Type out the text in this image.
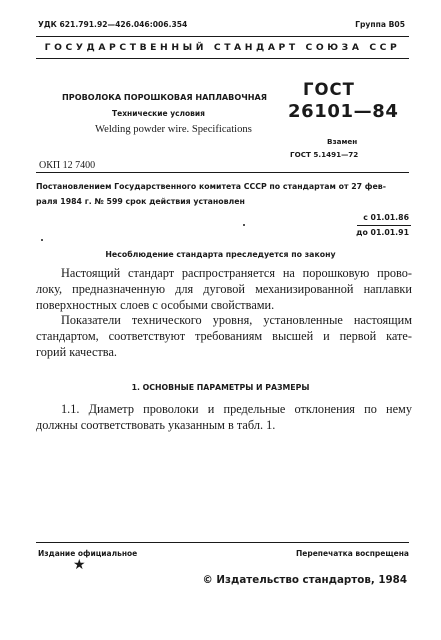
УДК 621.791.92—426.046:006.354	Группа В05
ГОСУДАРСТВЕННЫЙ СТАНДАРТ СОЮЗА ССР
ПРОВОЛОКА ПОРОШКОВАЯ НАПЛАВОЧНАЯ
Технические условия
Welding powder wire. Specifications
ГОСТ
26101—84
Взамен
ГОСТ 5.1491—72
ОКП 12 7400
Постановлением Государственного комитета СССР по стандартам от 27 фев-
раля 1984 г. № 599 срок действия установлен
с 01.01.86
до 01.01.91
Несоблюдение стандарта преследуется по закону
Настоящий стандарт распространяется на порошковую прово-
локу, предназначенную для дуговой механизированной наплавки
поверхностных слоев с особыми свойствами.
Показатели технического уровня, установленные настоящим
стандартом, соответствуют требованиям высшей и первой кате-
горий качества.
1. ОСНОВНЫЕ ПАРАМЕТРЫ И РАЗМЕРЫ
1.1. Диаметр проволоки и предельные отклонения по нему
должны соответствовать указанным в табл. 1.
Издание официальное	Перепечатка воспрещена
★
© Издательство стандартов, 1984
